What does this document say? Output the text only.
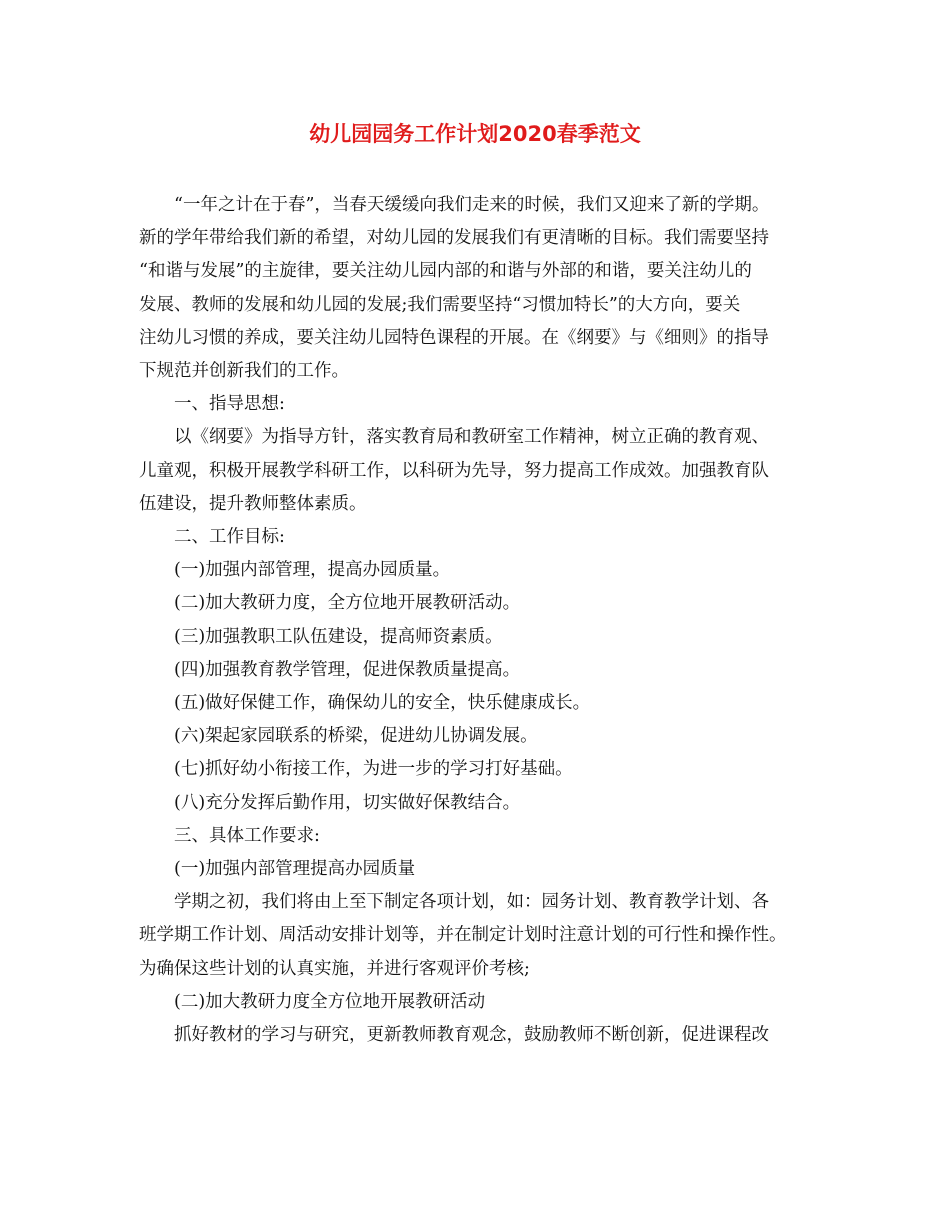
幼儿园园务工作计划2020春季范文

“一年之计在于春”，当春天缓缓向我们走来的时候，我们又迎来了新的学期。

新的学年带给我们新的希望，对幼儿园的发展我们有更清晰的目标。我们需要坚持

“和谐与发展”的主旋律，要关注幼儿园内部的和谐与外部的和谐，要关注幼儿的

发展、教师的发展和幼儿园的发展;我们需要坚持“习惯加特长”的大方向，要关

注幼儿习惯的养成，要关注幼儿园特色课程的开展。在《纲要》与《细则》的指导

下规范并创新我们的工作。

一、指导思想:

以《纲要》为指导方针，落实教育局和教研室工作精神，树立正确的教育观、

儿童观，积极开展教学科研工作，以科研为先导，努力提高工作成效。加强教育队

伍建设，提升教师整体素质。

二、工作目标:

(一)加强内部管理，提高办园质量。

(二)加大教研力度，全方位地开展教研活动。

(三)加强教职工队伍建设，提高师资素质。

(四)加强教育教学管理，促进保教质量提高。

(五)做好保健工作，确保幼儿的安全，快乐健康成长。

(六)架起家园联系的桥梁，促进幼儿协调发展。

(七)抓好幼小衔接工作，为进一步的学习打好基础。

(八)充分发挥后勤作用，切实做好保教结合。

三、具体工作要求:

(一)加强内部管理提高办园质量

学期之初，我们将由上至下制定各项计划，如：园务计划、教育教学计划、各

班学期工作计划、周活动安排计划等，并在制定计划时注意计划的可行性和操作性。

为确保这些计划的认真实施，并进行客观评价考核;

(二)加大教研力度全方位地开展教研活动

抓好教材的学习与研究，更新教师教育观念，鼓励教师不断创新，促进课程改
